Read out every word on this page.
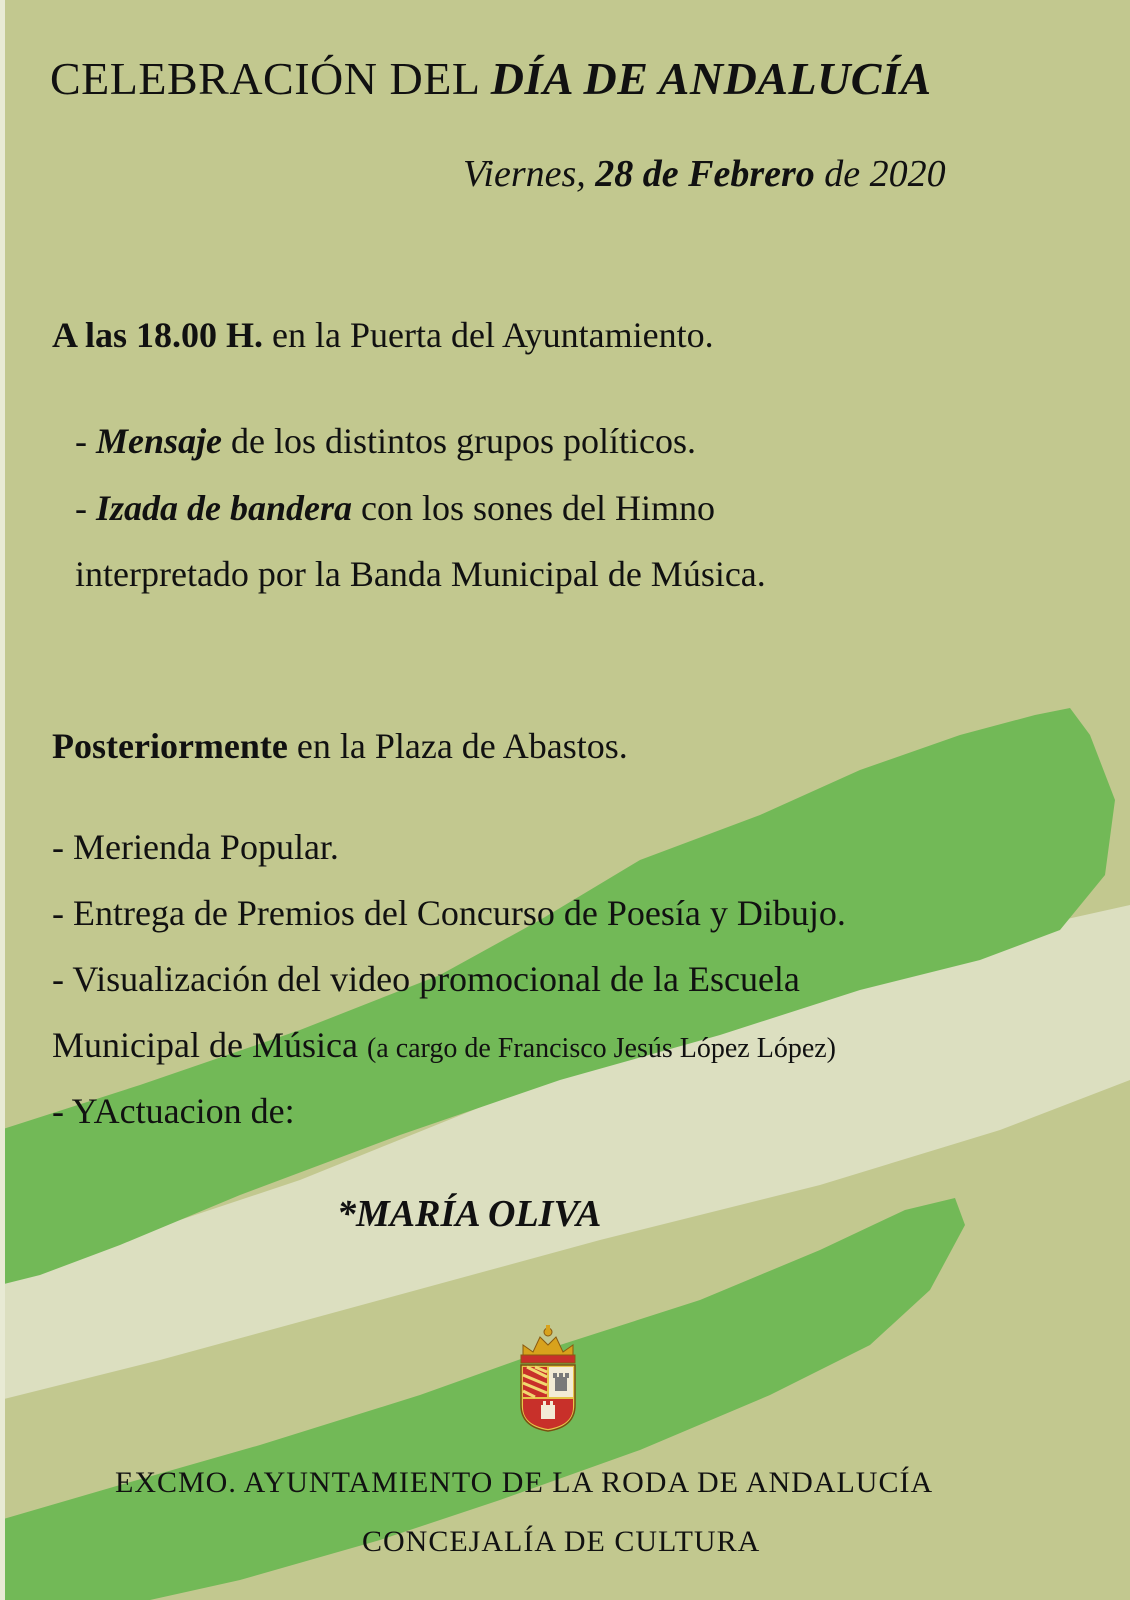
CELEBRACIÓN DEL DÍA DE ANDALUCÍA
Viernes, 28 de Febrero de 2020
A las 18.00 H. en la Puerta del Ayuntamiento.
- Mensaje de los distintos grupos políticos.
- Izada de bandera con los sones del Himno
interpretado por la Banda Municipal de Música.
Posteriormente en la Plaza de Abastos.
- Merienda Popular.
- Entrega de Premios del Concurso de Poesía y Dibujo.
- Visualización del video promocional de la Escuela
Municipal de Música (a cargo de Francisco Jesús López López)
- YActuacion de:
*MARÍA OLIVA
EXCMO. AYUNTAMIENTO DE LA RODA DE ANDALUCÍA
CONCEJALÍA DE CULTURA
